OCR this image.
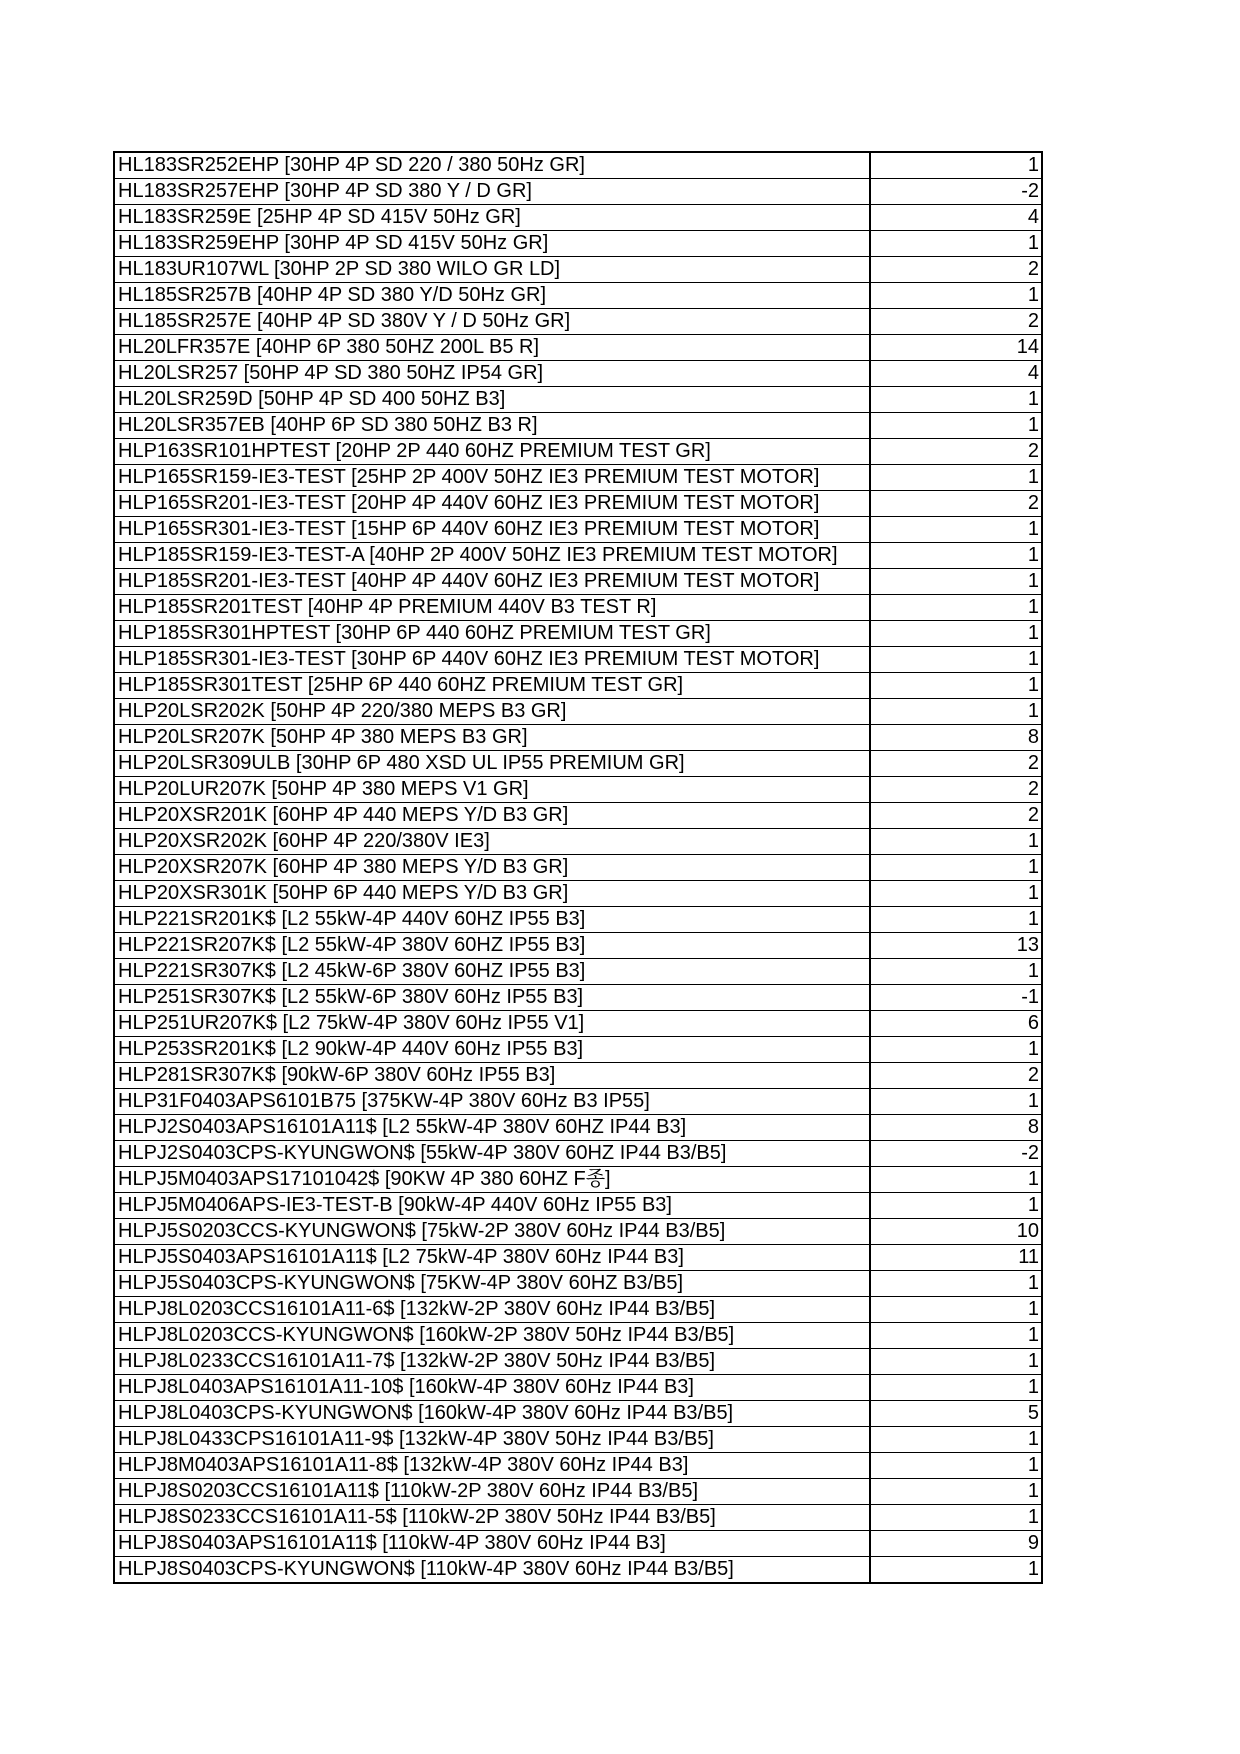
HL183SR252EHP [30HP 4P SD 220 / 380 50Hz GR]	1
HL183SR257EHP [30HP 4P SD 380 Y / D GR]	-2
HL183SR259E [25HP 4P SD 415V 50Hz GR]	4
HL183SR259EHP [30HP 4P SD 415V 50Hz GR]	1
HL183UR107WL [30HP 2P SD 380 WILO GR LD]	2
HL185SR257B [40HP 4P SD 380 Y/D 50Hz GR]	1
HL185SR257E [40HP 4P SD 380V Y / D 50Hz GR]	2
HL20LFR357E [40HP 6P 380 50HZ 200L B5 R]	14
HL20LSR257 [50HP 4P SD 380 50HZ IP54 GR]	4
HL20LSR259D [50HP 4P SD 400 50HZ B3]	1
HL20LSR357EB [40HP 6P SD 380 50HZ B3 R]	1
HLP163SR101HPTEST [20HP 2P 440 60HZ PREMIUM TEST GR]	2
HLP165SR159-IE3-TEST [25HP 2P 400V 50HZ IE3 PREMIUM TEST MOTOR]	1
HLP165SR201-IE3-TEST [20HP 4P 440V 60HZ IE3 PREMIUM TEST MOTOR]	2
HLP165SR301-IE3-TEST [15HP 6P 440V 60HZ IE3 PREMIUM TEST MOTOR]	1
HLP185SR159-IE3-TEST-A [40HP 2P 400V 50HZ IE3 PREMIUM TEST MOTOR]	1
HLP185SR201-IE3-TEST [40HP 4P 440V 60HZ IE3 PREMIUM TEST MOTOR]	1
HLP185SR201TEST [40HP 4P PREMIUM 440V B3 TEST R]	1
HLP185SR301HPTEST [30HP 6P 440 60HZ PREMIUM TEST GR]	1
HLP185SR301-IE3-TEST [30HP 6P 440V 60HZ IE3 PREMIUM TEST MOTOR]	1
HLP185SR301TEST [25HP 6P 440 60HZ PREMIUM TEST GR]	1
HLP20LSR202K [50HP 4P 220/380 MEPS B3 GR]	1
HLP20LSR207K [50HP 4P 380 MEPS B3 GR]	8
HLP20LSR309ULB [30HP 6P 480 XSD UL IP55 PREMIUM GR]	2
HLP20LUR207K [50HP 4P 380 MEPS V1 GR]	2
HLP20XSR201K [60HP 4P 440 MEPS Y/D B3 GR]	2
HLP20XSR202K [60HP 4P 220/380V IE3]	1
HLP20XSR207K [60HP 4P 380 MEPS Y/D B3 GR]	1
HLP20XSR301K [50HP 6P 440 MEPS Y/D B3 GR]	1
HLP221SR201K$ [L2 55kW-4P 440V 60HZ IP55 B3]	1
HLP221SR207K$ [L2 55kW-4P 380V 60HZ IP55 B3]	13
HLP221SR307K$ [L2 45kW-6P 380V 60HZ IP55 B3]	1
HLP251SR307K$ [L2 55kW-6P 380V 60Hz IP55 B3]	-1
HLP251UR207K$ [L2 75kW-4P 380V 60Hz IP55 V1]	6
HLP253SR201K$ [L2 90kW-4P 440V 60Hz IP55 B3]	1
HLP281SR307K$ [90kW-6P 380V 60Hz IP55 B3]	2
HLP31F0403APS6101B75 [375KW-4P 380V 60Hz B3 IP55]	1
HLPJ2S0403APS16101A11$ [L2 55kW-4P 380V 60HZ IP44 B3]	8
HLPJ2S0403CPS-KYUNGWON$ [55kW-4P 380V 60HZ IP44 B3/B5]	-2
HLPJ5M0403APS17101042$ [90KW 4P 380 60HZ F종]	1
HLPJ5M0406APS-IE3-TEST-B [90kW-4P 440V 60Hz IP55 B3]	1
HLPJ5S0203CCS-KYUNGWON$ [75kW-2P 380V 60Hz IP44 B3/B5]	10
HLPJ5S0403APS16101A11$ [L2 75kW-4P 380V 60Hz IP44 B3]	11
HLPJ5S0403CPS-KYUNGWON$ [75KW-4P 380V 60HZ B3/B5]	1
HLPJ8L0203CCS16101A11-6$ [132kW-2P 380V 60Hz IP44 B3/B5]	1
HLPJ8L0203CCS-KYUNGWON$ [160kW-2P 380V 50Hz IP44 B3/B5]	1
HLPJ8L0233CCS16101A11-7$ [132kW-2P 380V 50Hz IP44 B3/B5]	1
HLPJ8L0403APS16101A11-10$ [160kW-4P 380V 60Hz IP44 B3]	1
HLPJ8L0403CPS-KYUNGWON$ [160kW-4P 380V 60Hz IP44 B3/B5]	5
HLPJ8L0433CPS16101A11-9$ [132kW-4P 380V 50Hz IP44 B3/B5]	1
HLPJ8M0403APS16101A11-8$ [132kW-4P 380V 60Hz IP44 B3]	1
HLPJ8S0203CCS16101A11$ [110kW-2P 380V 60Hz IP44 B3/B5]	1
HLPJ8S0233CCS16101A11-5$ [110kW-2P 380V 50Hz IP44 B3/B5]	1
HLPJ8S0403APS16101A11$ [110kW-4P 380V 60Hz IP44 B3]	9
HLPJ8S0403CPS-KYUNGWON$ [110kW-4P 380V 60Hz IP44 B3/B5]	1
